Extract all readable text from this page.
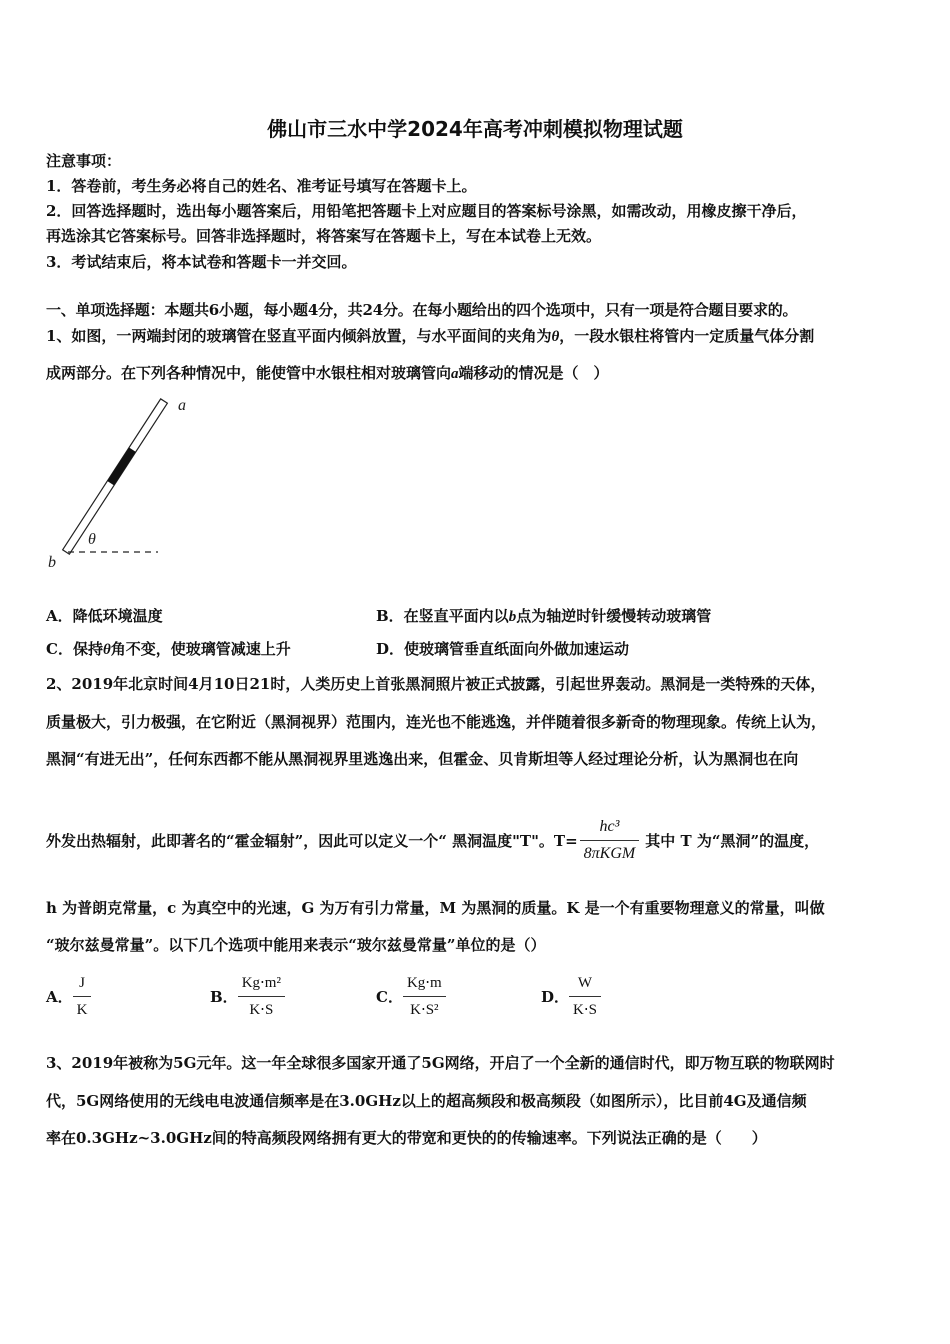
佛山市三水中学2024年高考冲刺模拟物理试题
注意事项：
1．答卷前，考生务必将自己的姓名、准考证号填写在答题卡上。
2．回答选择题时，选出每小题答案后，用铅笔把答题卡上对应题目的答案标号涂黑，如需改动，用橡皮擦干净后，
再选涂其它答案标号。回答非选择题时，将答案写在答题卡上，写在本试卷上无效。
3．考试结束后，将本试卷和答题卡一并交回。
一、单项选择题：本题共6小题，每小题4分，共24分。在每小题给出的四个选项中，只有一项是符合题目要求的。
1、如图，一两端封闭的玻璃管在竖直平面内倾斜放置，与水平面间的夹角为θ，一段水银柱将管内一定质量气体分割
成两部分。在下列各种情况中，能使管中水银柱相对玻璃管向a端移动的情况是（　）
a
b
θ
A．降低环境温度	B．在竖直平面内以b点为轴逆时针缓慢转动玻璃管
C．保持θ角不变，使玻璃管减速上升	D．使玻璃管垂直纸面向外做加速运动
2、2019年北京时间4月10日21时，人类历史上首张黑洞照片被正式披露，引起世界轰动。黑洞是一类特殊的天体，
质量极大，引力极强，在它附近（黑洞视界）范围内，连光也不能逃逸，并伴随着很多新奇的物理现象。传统上认为，
黑洞“有进无出”，任何东西都不能从黑洞视界里逃逸出来，但霍金、贝肯斯坦等人经过理论分析，认为黑洞也在向
外发出热辐射，此即著名的“霍金辐射”，因此可以定义一个“ 黑洞温度"T"。$T= \frac{\text{hc³}}{\text{8πKGM}}$ 其中 T 为“黑洞”的温度，
h 为普朗克常量，c 为真空中的光速，G 为万有引力常量，M 为黑洞的质量。K 是一个有重要物理意义的常量，叫做
“玻尔兹曼常量”。以下几个选项中能用来表示“玻尔兹曼常量”单位的是（）
A． $\frac{J}{K}$	B． $\frac{\text{Kg⋅m²}}{K\cdot S}$	C． $\frac{Kg\cdot m}{\text{K⋅S²}}$	D． $\frac{W}{K\cdot S}$
3、2019年被称为5G元年。这一年全球很多国家开通了5G网络，开启了一个全新的通信时代，即万物互联的物联网时
代，5G网络使用的无线电电波通信频率是在3.0GHz以上的超高频段和极高频段（如图所示），比目前4G及通信频
率在0.3GHz~3.0GHz间的特高频段网络拥有更大的带宽和更快的的传输速率。下列说法正确的是（　　）
